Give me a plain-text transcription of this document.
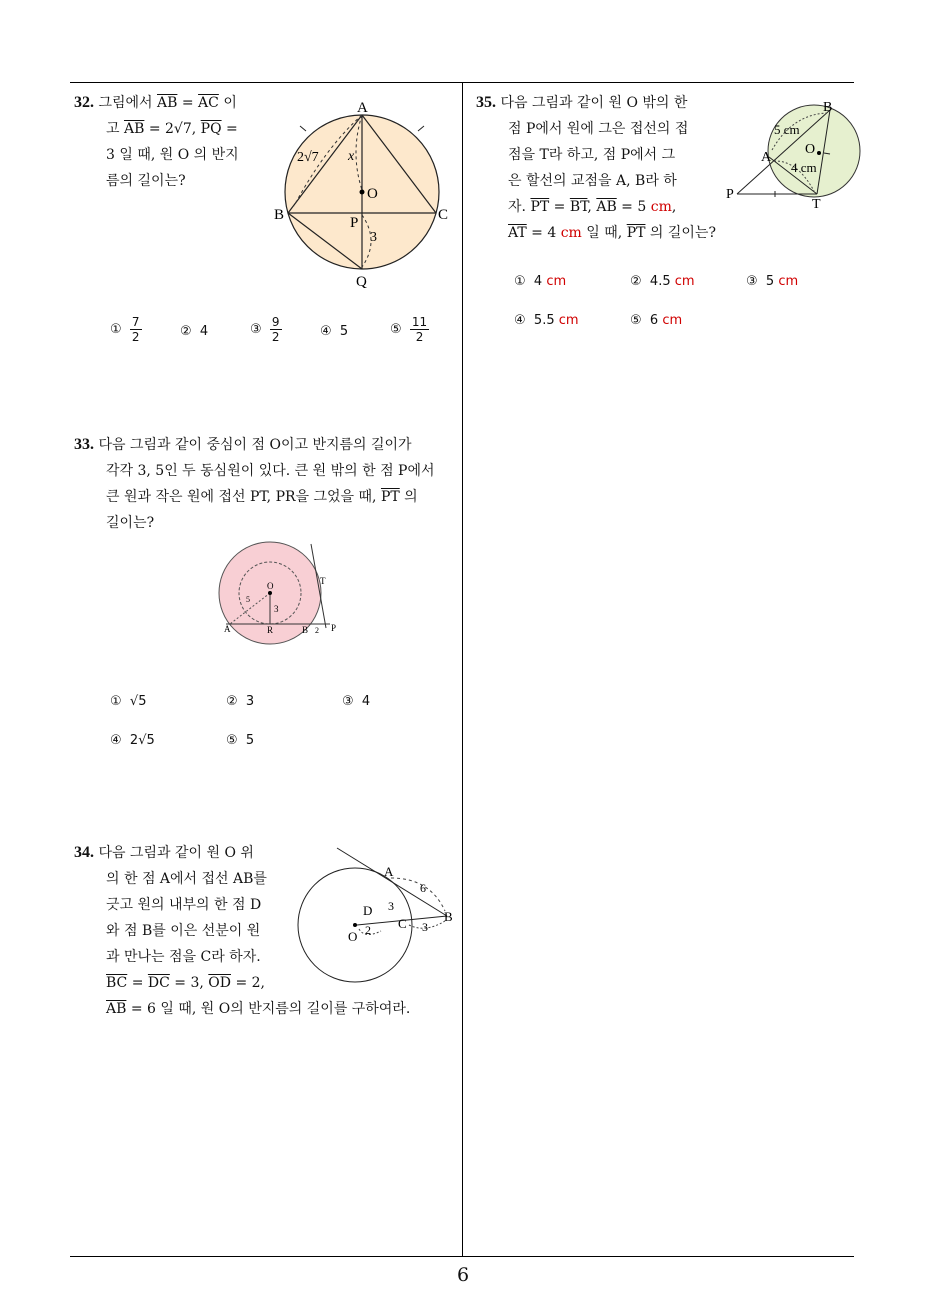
6
32. 그림에서 $\overline{AB} = \overline{AC}$ 이
고 $\overline{AB} = 2√7$, $\overline{PQ}$ =
3 일 때, 원 O 의 반지
름의 길이는?
A
B	C
O
P
Q
2√7 x
3
① $\frac{7}{2}$	② 4	③ $\frac{9}{2}$	④ 5	⑤ $\frac{11}{2}$
33. 다음 그림과 같이 중심이 점 O이고 반지름의 길이가
각각 3, 5인 두 동심원이 있다. 큰 원 밖의 한 점 P에서
큰 원과 작은 원에 접선 PT, PR을 그었을 때, $\overline{PT}$ 의
길이는?
O	T
A	R	B	P
5
3
2
① √5	② 3	③ 4
④ 2√5	⑤ 5
34. 다음 그림과 같이 원 O 위
의 한 점 A에서 접선 AB를
긋고 원의 내부의 한 점 D
와 점 B를 이은 선분이 원
과 만나는 점을 C라 하자.
$\overline{BC} = \overline{DC} = 3$, $\overline{OD} = 2$,
$\overline{AB} = 6$ 일 때, 원 O의 반지름의 길이를 구하여라.
A
B
C
D
O
6
3
3
2
35. 다음 그림과 같이 원 O 밖의 한
점 P에서 원에 그은 접선의 접
점을 T라 하고, 점 P에서 그
은 할선의 교점을 A, B라 하
자. $\overline{PT} = \overline{BT}$, $\overline{AB} = 5$ cm,
$\overline{AT} = 4$ cm 일 때, $\overline{PT}$ 의 길이는?
B
A
O
P
T
5 cm
4 cm
① 4 cm	② 4.5 cm	③ 5 cm
④ 5.5 cm	⑤ 6 cm
